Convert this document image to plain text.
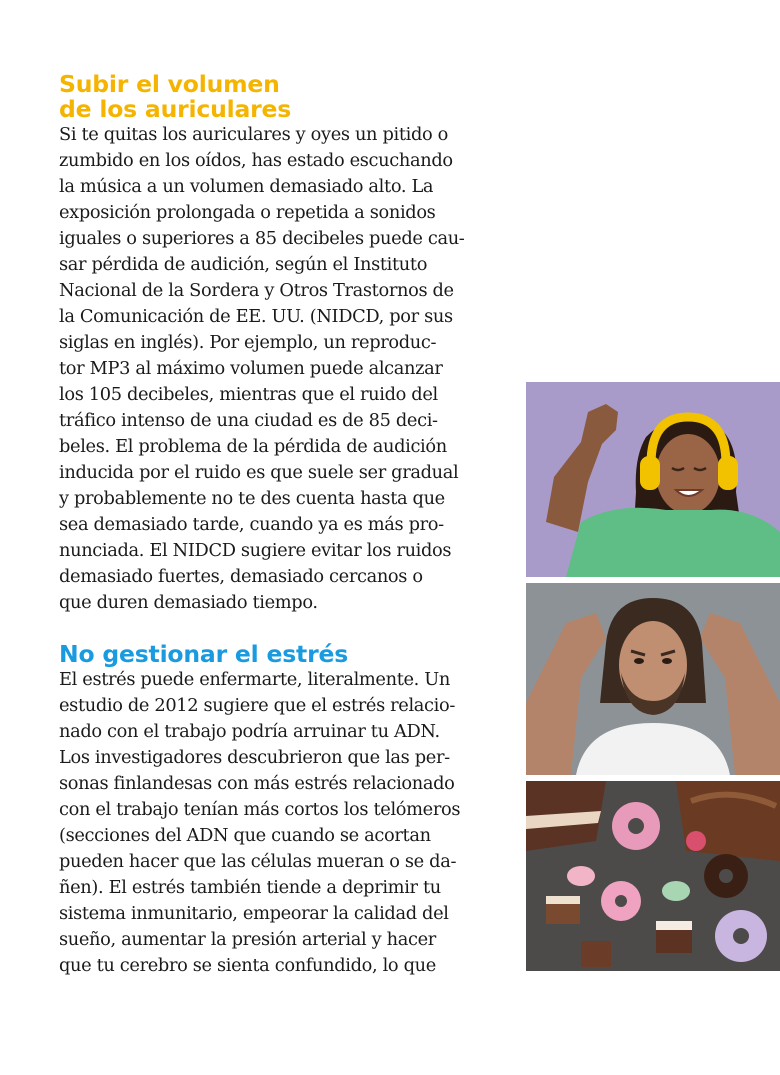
Subir el volumen
de los auriculares

Si te quitas los auriculares y oyes un pitido o
zumbido en los oídos, has estado escuchando
la música a un volumen demasiado alto. La
exposición prolongada o repetida a sonidos
iguales o superiores a 85 decibeles puede cau-
sar pérdida de audición, según el Instituto
Nacional de la Sordera y Otros Trastornos de
la Comunicación de EE. UU. (NIDCD, por sus
siglas en inglés). Por ejemplo, un reproduc-
tor MP3 al máximo volumen puede alcanzar
los 105 decibeles, mientras que el ruido del
tráfico intenso de una ciudad es de 85 deci-
beles. El problema de la pérdida de audición
inducida por el ruido es que suele ser gradual
y probablemente no te des cuenta hasta que
sea demasiado tarde, cuando ya es más pro-
nunciada. El NIDCD sugiere evitar los ruidos
demasiado fuertes, demasiado cercanos o
que duren demasiado tiempo.

No gestionar el estrés

El estrés puede enfermarte, literalmente. Un
estudio de 2012 sugiere que el estrés relacio-
nado con el trabajo podría arruinar tu ADN.
Los investigadores descubrieron que las per-
sonas finlandesas con más estrés relacionado
con el trabajo tenían más cortos los telómeros
(secciones del ADN que cuando se acortan
pueden hacer que las células mueran o se da-
ñen). El estrés también tiende a deprimir tu
sistema inmunitario, empeorar la calidad del
sueño, aumentar la presión arterial y hacer
que tu cerebro se sienta confundido, lo que
